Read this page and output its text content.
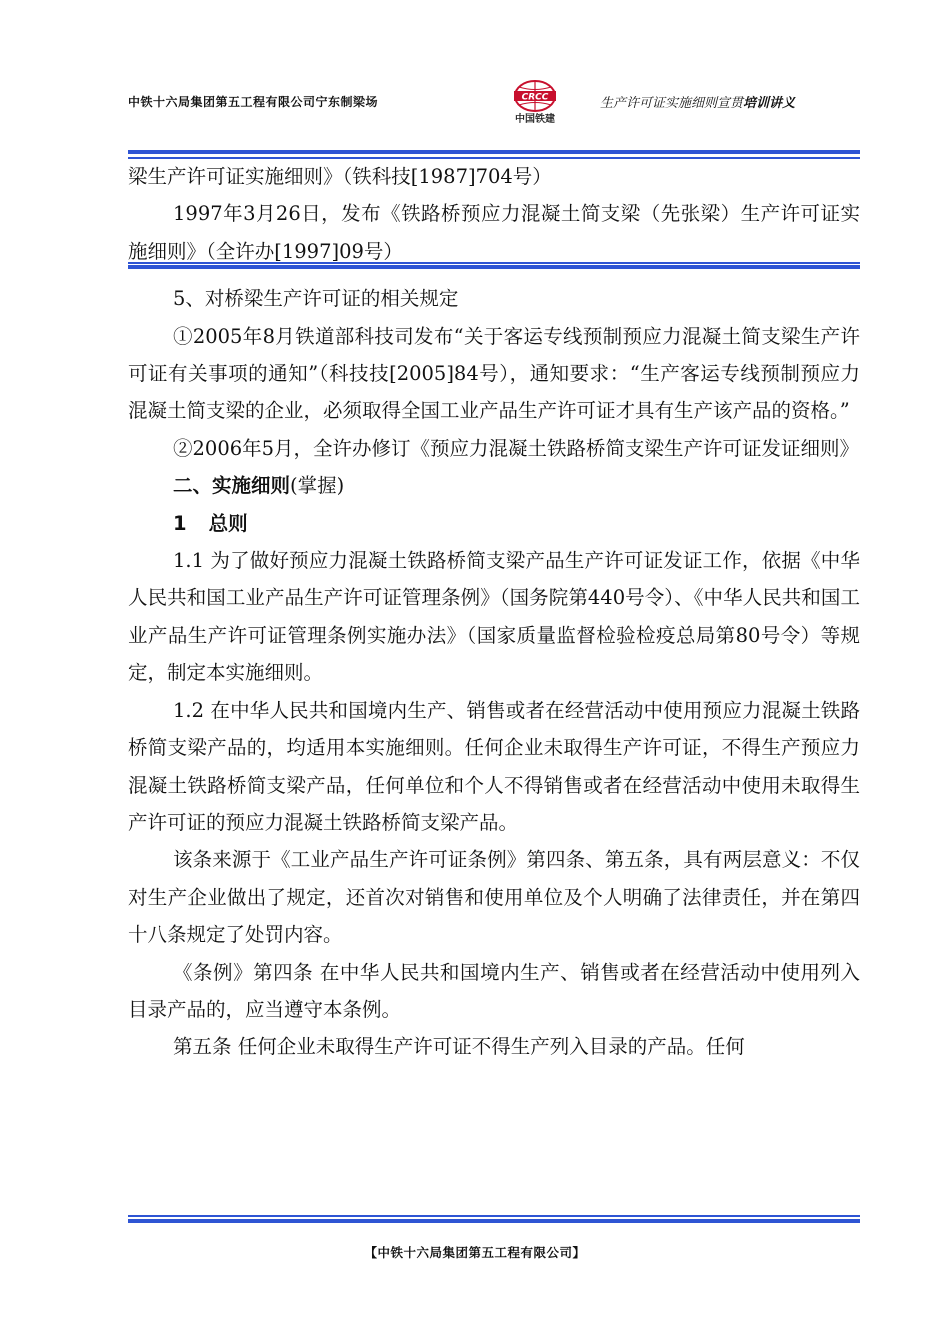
中铁十六局集团第五工程有限公司宁东制梁场	CRCC
中国铁建
生产许可证实施细则宣贯培训讲义

梁生产许可证实施细则》（铁科技[1987]704号）

1997年3月26日，发布《铁路桥预应力混凝土简支梁（先张梁）生产许可证实施细则》（全许办[1997]09号）

5、对桥梁生产许可证的相关规定

①2005年8月铁道部科技司发布“关于客运专线预制预应力混凝土简支梁生产许可证有关事项的通知”（科技技[2005]84号），通知要求：“生产客运专线预制预应力混凝土简支梁的企业，必须取得全国工业产品生产许可证才具有生产该产品的资格。”

②2006年5月，全许办修订《预应力混凝土铁路桥简支梁生产许可证发证细则》

二、实施细则(掌握)

1 总则

1.1 为了做好预应力混凝土铁路桥简支梁产品生产许可证发证工作，依据《中华人民共和国工业产品生产许可证管理条例》（国务院第440号令）、《中华人民共和国工业产品生产许可证管理条例实施办法》（国家质量监督检验检疫总局第80号令）等规定，制定本实施细则。

1.2 在中华人民共和国境内生产、销售或者在经营活动中使用预应力混凝土铁路桥简支梁产品的，均适用本实施细则。任何企业未取得生产许可证，不得生产预应力混凝土铁路桥简支梁产品，任何单位和个人不得销售或者在经营活动中使用未取得生产许可证的预应力混凝土铁路桥简支梁产品。

该条来源于《工业产品生产许可证条例》第四条、第五条，具有两层意义：不仅对生产企业做出了规定，还首次对销售和使用单位及个人明确了法律责任，并在第四十八条规定了处罚内容。

《条例》第四条 在中华人民共和国境内生产、销售或者在经营活动中使用列入目录产品的，应当遵守本条例。

第五条 任何企业未取得生产许可证不得生产列入目录的产品。任何

【中铁十六局集团第五工程有限公司】
